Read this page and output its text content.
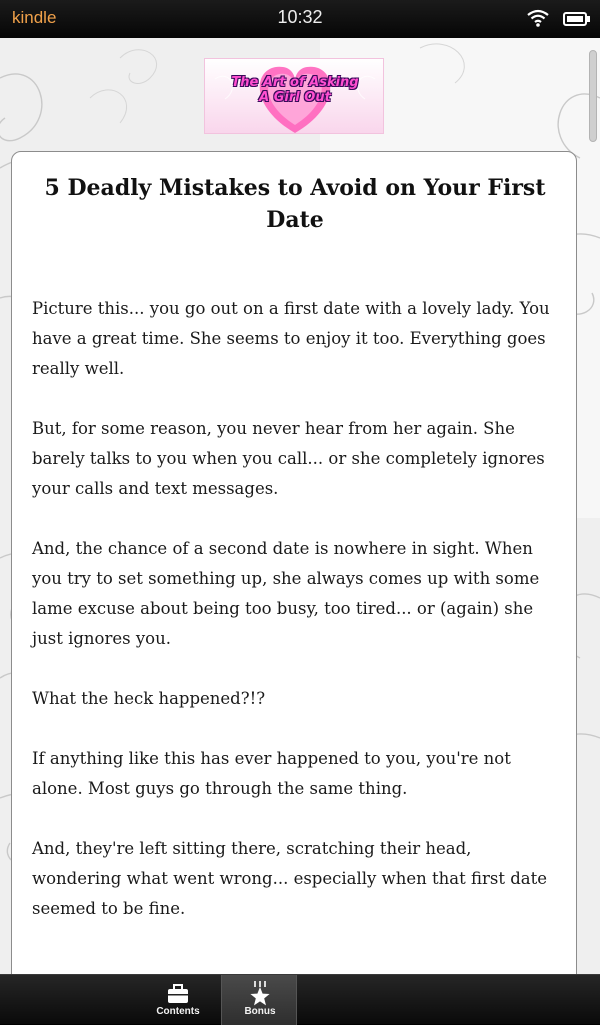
kindle	10:32
The Art of Asking
A Girl Out
5 Deadly Mistakes to Avoid on Your First Date

Picture this... you go out on a first date with a lovely lady. You have a great time. She seems to enjoy it too. Everything goes really well.

But, for some reason, you never hear from her again. She barely talks to you when you call... or she completely ignores your calls and text messages.

And, the chance of a second date is nowhere in sight. When you try to set something up, she always comes up with some lame excuse about being too busy, too tired... or (again) she just ignores you.

What the heck happened?!?

If anything like this has ever happened to you, you're not alone. Most guys go through the same thing.

And, they're left sitting there, scratching their head, wondering what went wrong... especially when that first date seemed to be fine.

Contents	Bonus
